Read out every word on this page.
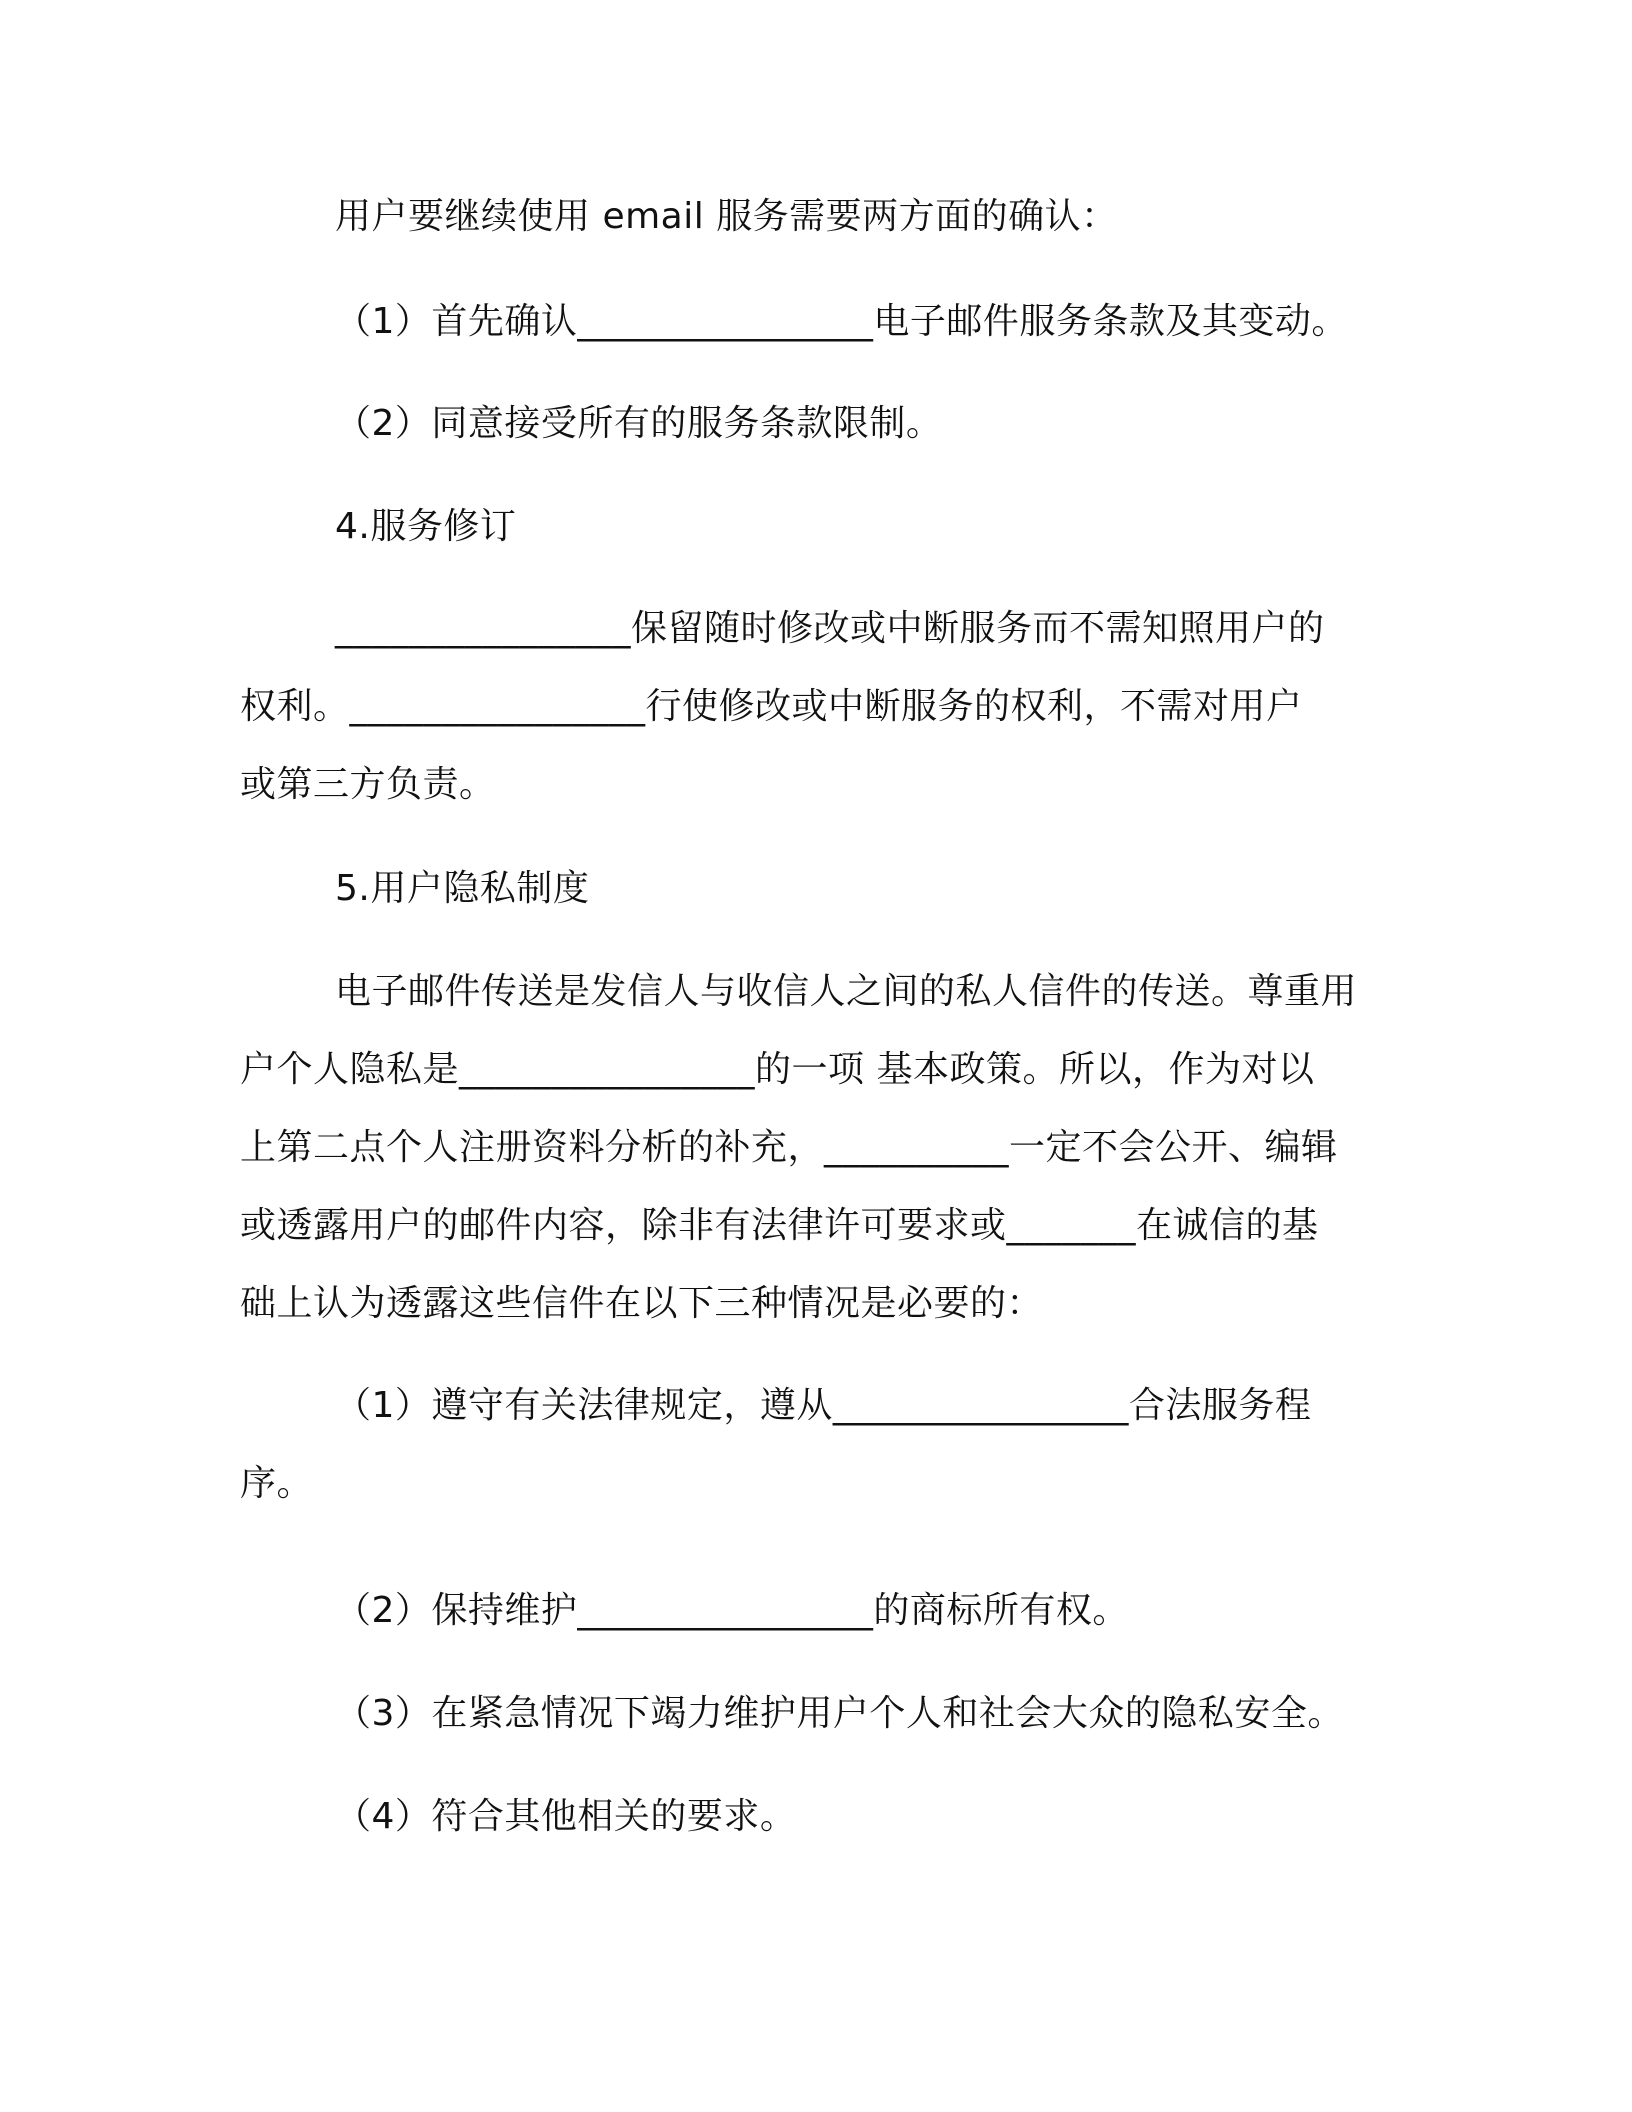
用户要继续使用 email 服务需要两方面的确认：
（1）首先确认________________电子邮件服务条款及其变动。
（2）同意接受所有的服务条款限制。
4.服务修订
________________保留随时修改或中断服务而不需知照用户的
权利。________________行使修改或中断服务的权利，不需对用户
或第三方负责。
5.用户隐私制度
电子邮件传送是发信人与收信人之间的私人信件的传送。尊重用
户个人隐私是________________的一项 基本政策。所以，作为对以
上第二点个人注册资料分析的补充，__________一定不会公开、编辑
或透露用户的邮件内容，除非有法律许可要求或_______在诚信的基
础上认为透露这些信件在以下三种情况是必要的：
（1）遵守有关法律规定，遵从________________合法服务程
序。
（2）保持维护________________的商标所有权。
（3）在紧急情况下竭力维护用户个人和社会大众的隐私安全。
（4）符合其他相关的要求。
